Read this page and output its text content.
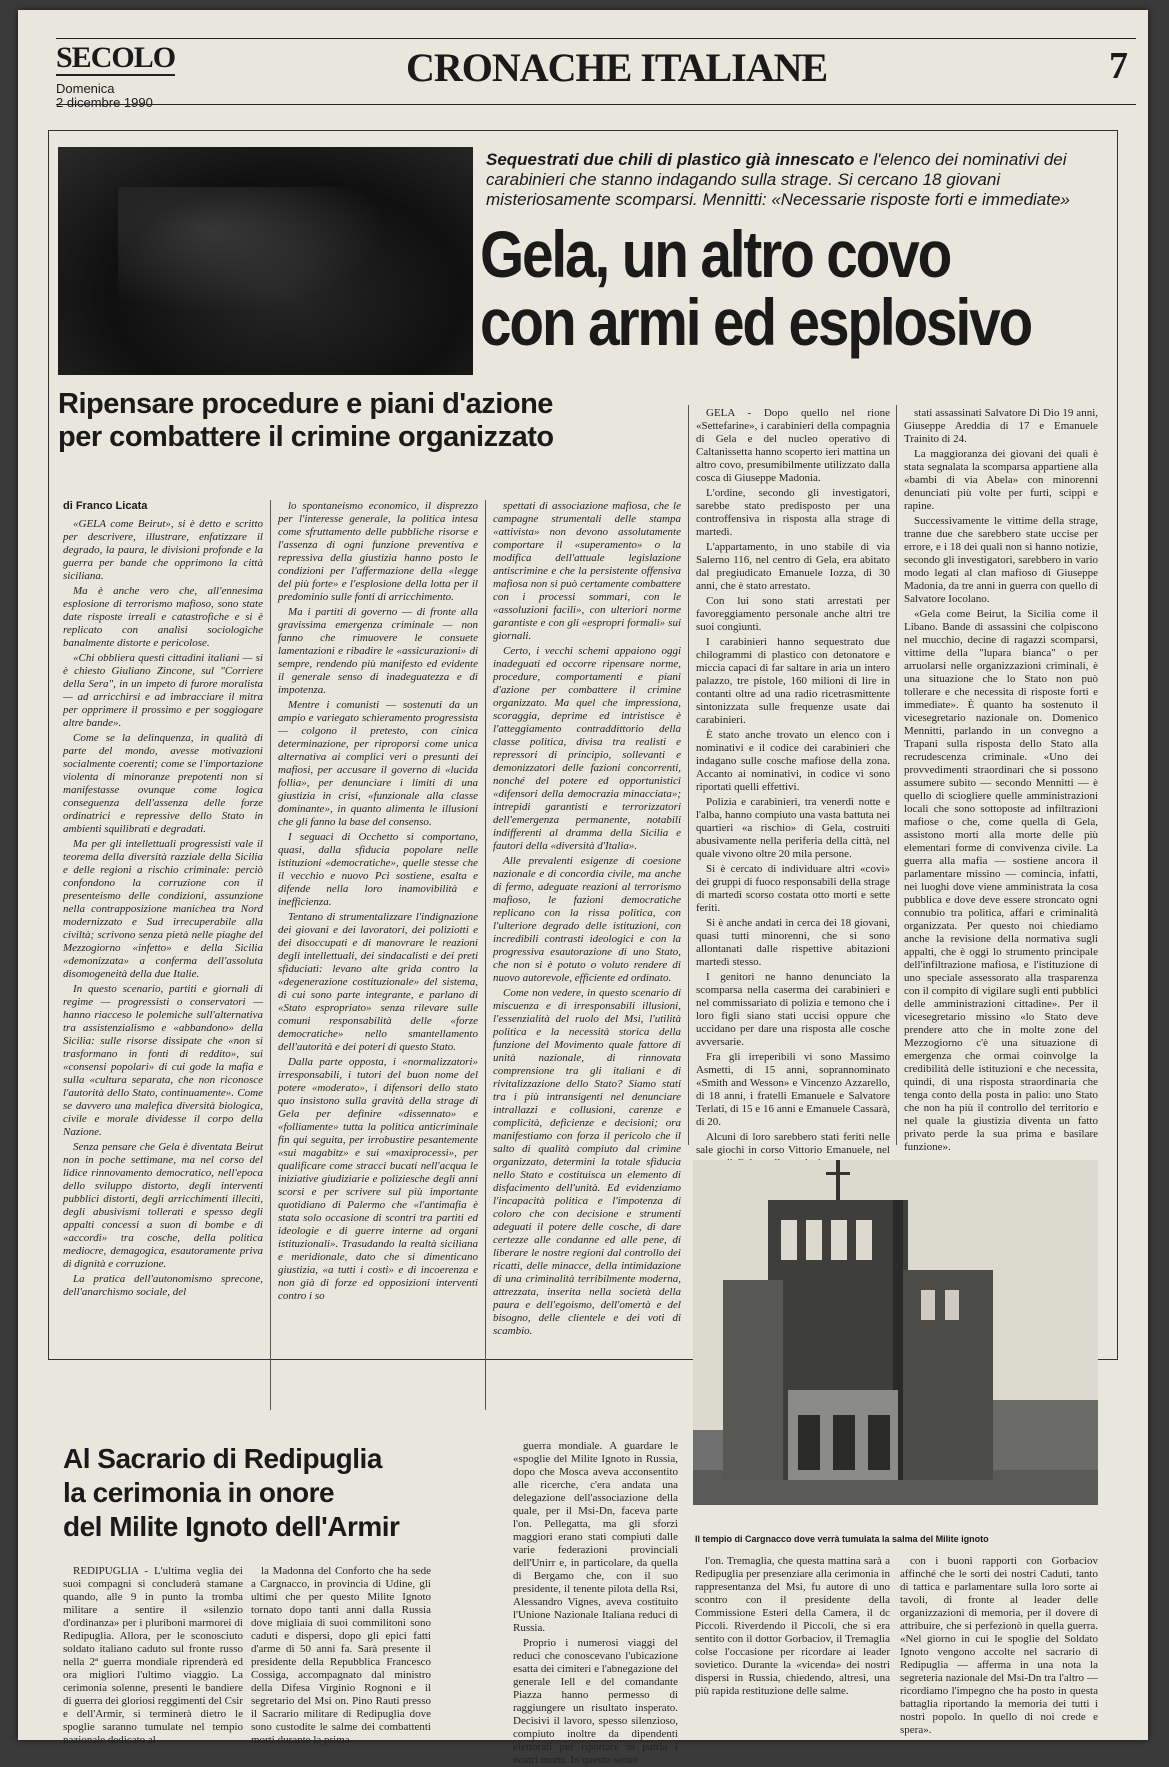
SECOLO
Domenica
2 dicembre 1990
CRONACHE ITALIANE	7
Sequestrati due chili di plastico già innescato e l'elenco dei nominativi dei carabinieri che stanno indagando sulla strage. Si cercano 18 giovani misteriosamente scomparsi. Mennitti: «Necessarie risposte forti e immediate»
Gela, un altro covo
con armi ed esplosivo
Ripensare procedure e piani d'azione
per combattere il crimine organizzato
di Franco Licata

«GELA come Beirut», si è detto e scritto per descrivere, illustrare, enfatizzare il degrado, la paura, le divisioni profonde e la guerra per bande che opprimono la città siciliana.

Ma è anche vero che, all'ennesima esplosione di terrorismo mafioso, sono state date risposte irreali e catastrofiche e si è replicato con analisi sociologiche banalmente distorte e pericolose.

«Chi obbliera questi cittadini italiani — si è chiesto Giuliano Zincone, sul "Corriere della Sera", in un impeto di furore moralista — ad arricchirsi e ad imbracciare il mitra per opprimere il prossimo e per soggiogare altre bande».

Come se la delinquenza, in qualità di parte del mondo, avesse motivazioni socialmente coerenti; come se l'importazione violenta di minoranze prepotenti non si manifestasse ovunque come logica conseguenza dell'assenza delle forze ordinatrici e repressive dello Stato in ambienti squilibrati e degradati.

Ma per gli intellettuali progressisti vale il teorema della diversità razziale della Sicilia e delle regioni a rischio criminale: perciò confondono la corruzione con il presenteismo delle condizioni, assunzione nella contrapposizione manichea tra Nord modernizzato e Sud irrecuperabile alla civiltà; scrivono senza pietà nelle piaghe del Mezzogiorno «infetto» e della Sicilia «demonizzata» a conferma dell'assoluta disomogeneità della due Italie.

In questo scenario, partiti e giornali di regime — progressisti o conservatori — hanno riacceso le polemiche sull'alternativa tra assistenzialismo e «abbandono» della Sicilia: sulle risorse dissipate che «non si trasformano in fonti di reddito», sui «consensi popolari» di cui gode la mafia e sulla «cultura separata, che non riconosce l'autorità dello Stato, continuamente». Come se davvero una malefica diversità biologica, civile e morale dividesse il corpo della Nazione.

Senza pensare che Gela è diventata Beirut non in poche settimane, ma nel corso del lidice rinnovamento democratico, nell'epoca dello sviluppo distorto, degli interventi pubblici distorti, degli arricchimenti illeciti, degli abusivismi tollerati e spesso degli appalti concessi a suon di bombe e di «accordi» tra cosche, della politica mediocre, demagogica, esautoramente priva di dignità e corruzione.

La pratica dell'autonomismo sprecone, dell'anarchismo sociale, del

lo spontaneismo economico, il disprezzo per l'interesse generale, la politica intesa come sfruttamento delle pubbliche risorse e l'assenza di ogni funzione preventiva e repressiva della giustizia hanno posto le condizioni per l'affermazione della «legge del più forte» e l'esplosione della lotta per il predominio sulle fonti di arricchimento.

Ma i partiti di governo — di fronte alla gravissima emergenza criminale — non fanno che rimuovere le consuete lamentazioni e ribadire le «assicurazioni» di sempre, rendendo più manifesto ed evidente il generale senso di inadeguatezza e di impotenza.

Mentre i comunisti — sostenuti da un ampio e variegato schieramento progressista — colgono il pretesto, con cinica determinazione, per riproporsi come unica alternativa ai complici veri o presunti dei mafiosi, per accusare il governo di «lucida follia», per denunciare i limiti di una giustizia in crisi, «funzionale alla classe dominante», in quanto alimenta le illusioni che gli fanno la base del consenso.

I seguaci di Occhetto si comportano, quasi, dalla sfiducia popolare nelle istituzioni «democratiche», quelle stesse che il vecchio e nuovo Pci sostiene, esalta e difende nella loro inamovibilità e inefficienza.

Tentano di strumentalizzare l'indignazione dei giovani e dei lavoratori, dei poliziotti e dei disoccupati e di manovrare le reazioni degli intellettuali, dei sindacalisti e dei preti sfiduciati: levano alte grida contro la «degenerazione costituzionale» del sistema, di cui sono parte integrante, e parlano di «Stato espropriato» senza rilevare sulle comuni responsabilità delle «forze democratiche» nello smantellamento dell'autorità e dei poteri di questo Stato.

Dalla parte opposta, i «normalizzatori» irresponsabili, i tutori del buon nome del potere «moderato», i difensori dello stato quo insistono sulla gravità della strage di Gela per definire «dissennato» e «folliamente» tutta la politica anticriminale fin qui seguita, per irrobustire pesantemente «sui magabitz» e sui «maxiprocessi», per qualificare come stracci bucati nell'acqua le iniziative giudiziarie e poliziesche degli anni scorsi e per scrivere sul più importante quotidiano di Palermo che «l'antimafia è stata solo occasione di scontri tra partiti ed ideologie e di guerre interne ad organi istituzionali». Trasudando la realtà siciliana e meridionale, dato che si dimenticano giustizia, «a tutti i costi» e di incoerenza e non già di forze ed opposizioni interventi contro i so

spettati di associazione mafiosa, che le campagne strumentali delle stampa «attivista» non devono assolutamente comportare il «superamento» o la modifica dell'attuale legislazione antiscrimine e che la persistente offensiva mafiosa non si può certamente combattere con i processi sommari, con le «assoluzioni facili», con ulteriori norme garantiste e con gli «espropri formali» sui giornali.

Certo, i vecchi schemi appaiono oggi inadeguati ed occorre ripensare norme, procedure, comportamenti e piani d'azione per combattere il crimine organizzato. Ma quel che impressiona, scoraggia, deprime ed intristisce è l'atteggiamento contraddittorio della classe politica, divisa tra realisti e repressori di principio, sollevanti e demonizzatori delle fazioni concorrenti, nonché del potere ed opportunistici «difensori della democrazia minacciata»; intrepidi garantisti e terrorizzatori dell'emergenza permanente, notabili indifferenti al dramma della Sicilia e fautori della «diversità d'Italia».

Alle prevalenti esigenze di coesione nazionale e di concordia civile, ma anche di fermo, adeguate reazioni al terrorismo mafioso, le fazioni democratiche replicano con la rissa politica, con l'ulteriore degrado delle istituzioni, con incredibili contrasti ideologici e con la progressiva esautorazione di uno Stato, che non si è potuto o voluto rendere di nuovo autorevole, efficiente ed ordinato.

Come non vedere, in questo scenario di miscuenza e di irresponsabili illusioni, l'essenzialità del ruolo del Msi, l'utilità politica e la necessità storica della funzione del Movimento quale fattore di unità nazionale, di rinnovata comprensione tra gli italiani e di rivitalizzazione dello Stato? Siamo stati tra i più intransigenti nel denunciare intrallazzi e collusioni, carenze e complicità, deficienze e decisioni; ora manifestiamo con forza il pericolo che il salto di qualità compiuto dal crimine organizzato, determini la totale sfiducia nello Stato e costituisca un elemento di disfacimento dell'unità. Ed evidenziamo l'incapacità politica e l'impotenza di coloro che con decisione e strumenti adeguati il potere delle cosche, di dare certezze alle condanne ed alle pene, di liberare le nostre regioni dal controllo dei ricatti, delle minacce, della intimidazione di una criminalità terribilmente moderna, attrezzata, inserita nella società della paura e dell'egoismo, dell'omertà e del bisogno, delle clientele e dei voti di scambio.

GELA - Dopo quello nel rione «Settefarine», i carabinieri della compagnia di Gela e del nucleo operativo di Caltanissetta hanno scoperto ieri mattina un altro covo, presumibilmente utilizzato dalla cosca di Giuseppe Madonia.

L'ordine, secondo gli investigatori, sarebbe stato predisposto per una controffensiva in risposta alla strage di martedì.

L'appartamento, in uno stabile di via Salerno 116, nel centro di Gela, era abitato dal pregiudicato Emanuele Iozza, di 30 anni, che è stato arrestato.

Con lui sono stati arrestati per favoreggiamento personale anche altri tre suoi congiunti.

I carabinieri hanno sequestrato due chilogrammi di plastico con detonatore e miccia capaci di far saltare in aria un intero palazzo, tre pistole, 160 milioni di lire in contanti oltre ad una radio ricetrasmittente sintonizzata sulle frequenze usate dai carabinieri.

È stato anche trovato un elenco con i nominativi e il codice dei carabinieri che indagano sulle cosche mafiose della zona. Accanto ai nominativi, in codice vi sono riportati quelli effettivi.

Polizia e carabinieri, tra venerdì notte e l'alba, hanno compiuto una vasta battuta nei quartieri «a rischio» di Gela, costruiti abusivamente nella periferia della città, nel quale vivono oltre 20 mila persone.

Si è cercato di individuare altri «covi» dei gruppi di fuoco responsabili della strage di martedì scorso costata otto morti e sette feriti.

Si è anche andati in cerca dei 18 giovani, quasi tutti minorenni, che si sono allontanati dalle rispettive abitazioni martedì stesso.

I genitori ne hanno denunciato la scomparsa nella caserma dei carabinieri e nel commissariato di polizia e temono che i loro figli siano stati uccisi oppure che uccidano per dare una risposta alle cosche avversarie.

Fra gli irreperibili vi sono Massimo Asmetti, di 15 anni, soprannominato «Smith and Wesson» e Vincenzo Azzarello, di 18 anni, i fratelli Emanuele e Salvatore Terlati, di 15 e 16 anni e Emanuele Cassarà, di 20.

Alcuni di loro sarebbero stati feriti nelle sale giochi in corso Vittorio Emanuele, nel

stati assassinati Salvatore Di Dio 19 anni, Giuseppe Areddia di 17 e Emanuele Trainito di 24.

La maggioranza dei giovani dei quali è stata segnalata la scomparsa appartiene alla «bambi di via Abela» con minorenni denunciati più volte per furti, scippi e rapine.

Successivamente le vittime della strage, tranne due che sarebbero state uccise per errore, e i 18 dei quali non si hanno notizie, secondo gli investigatori, sarebbero in vario modo legati al clan mafioso di Giuseppe Madonia, da tre anni in guerra con quello di Salvatore Iocolano.

«Gela come Beirut, la Sicilia come il Libano. Bande di assassini che colpiscono nel mucchio, decine di ragazzi scomparsi, vittime della "lupara bianca" o per arruolarsi nelle organizzazioni criminali, è una situazione che lo Stato non può tollerare e che necessita di risposte forti e immediate». È quanto ha sostenuto il vicesegretario nazionale on. Domenico Mennitti, parlando in un convegno a Trapani sulla risposta dello Stato alla recrudescenza criminale. «Uno dei provvedimenti straordinari che si possono assumere subito — secondo Mennitti — è quello di sciogliere quelle amministrazioni locali che sono sottoposte ad infiltrazioni mafiose o che, come quella di Gela, assistono morti alla morte delle più elementari forme di convivenza civile. La guerra alla mafia — sostiene ancora il parlamentare missino — comincia, infatti, nei luoghi dove viene amministrata la cosa pubblica e dove deve essere stroncato ogni connubio tra politica, affari e criminalità organizzata. Per questo noi chiediamo anche la revisione della normativa sugli appalti, che è oggi lo strumento principale dell'infiltrazione mafiosa, e l'istituzione di uno speciale assessorato alla trasparenza con il compito di vigilare sugli enti pubblici delle amministrazioni cittadine». Per il vicesegretario missino «lo Stato deve prendere atto che in molte zone del Mezzogiorno c'è una situazione di emergenza che ormai coinvolge la credibilità delle istituzioni e che necessita, quindi, di una risposta straordinaria che tenga conto della posta in palio: uno Stato che non ha più il controllo del territorio e nel quale la giustizia diventa un fatto privato perde la sua prima e basilare funzione».

Al Sacrario di Redipuglia
la cerimonia in onore
del Milite Ignoto dell'Armir

guerra mondiale. A guardare le «spoglie del Milite Ignoto in Russia, dopo che Mosca aveva acconsentito alle ricerche, c'era andata una delegazione dell'associazione della quale, per il Msi-Dn, faceva parte l'on. Pellegatta, ma gli sforzi maggiori erano stati compiuti dalle varie federazioni provinciali dell'Unirr e, in particolare, da quella di Bergamo che, con il suo presidente, il tenente pilota della Rsi, Alessandro Vignes, aveva costituito l'Unione Nazionale Italiana reduci di Russia.

Proprio i numerosi viaggi del reduci che conoscevano l'ubicazione esatta dei cimiteri e l'abnegazione del generale Iell e del comandante Piazza hanno permesso di raggiungere un risultato insperato. Decisivi il lavoro, spesso silenzioso, compiuto inoltre da dipendenti elettorali per riportare in patria i nostri morti. In questo senso

Il tempio di Cargnacco dove verrà tumulata la salma del Milite ignoto

REDIPUGLIA - L'ultima veglia dei suoi compagni si concluderà stamane quando, alle 9 in punto la tromba militare a sentire il «silenzio d'ordinanza» per i pluriboni marmorei di Redipuglia. Allora, per le sconosciuto soldato italiano caduto sul fronte russo nella 2ª guerra mondiale riprenderà ed ora migliori l'ultimo viaggio. La cerimonia solenne, presenti le bandiere di guerra dei gloriosi reggimenti del Csir e dell'Armir, si terminerà dietro le spoglie saranno tumulate nel tempio nazionale dedicato al-

la Madonna del Conforto che ha sede a Cargnacco, in provincia di Udine, gli ultimi che per questo Milite Ignoto tornato dopo tanti anni dalla Russia dove migliaia di suoi commilitoni sono caduti e dispersi, dopo gli epici fatti d'arme di 50 anni fa. Sarà presente il presidente della Repubblica Francesco Cossiga, accompagnato dal ministro della Difesa Virginio Rognoni e il segretario del Msi on. Pino Rauti presso il Sacrario militare di Redipuglia dove sono custodite le salme dei combattenti morti durante la prima

l'on. Tremaglia, che questa mattina sarà a Redipuglia per presenziare alla cerimonia in rappresentanza del Msi, fu autore di uno scontro con il presidente della Commissione Esteri della Camera, il dc Piccoli. Riverdendo il Piccoli, che si era sentito con il dottor Gorbaciov, il Tremaglia colse l'occasione per ricordare ai leader sovietico. Durante la «vicenda» dei nostri dispersi in Russia, chiedendo, altresì, una più rapida restituzione delle salme.

con i buoni rapporti con Gorbaciov affinché che le sorti dei nostri Caduti, tanto di tattica e parlamentare sulla loro sorte ai tavoli, di fronte al leader delle organizzazioni di memoria, per il dovere di attribuire, che si perfezionò in quella guerra. «Nel giorno in cui le spoglie del Soldato Ignoto vengono accolte nel sacrario di Redipuglia — afferma in una nota la segreteria nazionale del Msi-Dn tra l'altro — ricordiamo l'impegno che ha posto in questa battaglia riportando la memoria dei tutti i nostri popolo. In quello di noi crede e spera».
